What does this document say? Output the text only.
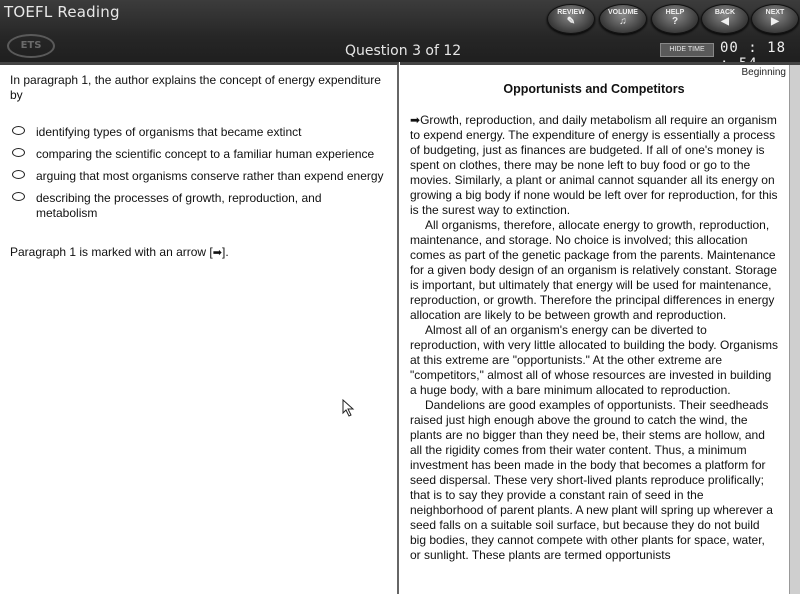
TOEFL Reading
ETS
REVIEW
✎
VOLUME
♫
HELP
?
BACK
◀
NEXT
▶
Question 3 of 12	HIDE TIME	00 : 18
In paragraph 1, the author explains the concept of energy expenditure by
identifying types of organisms that became extinct
comparing the scientific concept to a familiar human experience
arguing that most organisms conserve rather than expend energy
describing the processes of growth, reproduction, and metabolism
Paragraph 1 is marked with an arrow [➡].
Beginning
Opportunists and Competitors

➡Growth, reproduction, and daily metabolism all require an organism to expend energy. The expenditure of energy is essentially a process of budgeting, just as finances are budgeted. If all of one's money is spent on clothes, there may be none left to buy food or go to the movies. Similarly, a plant or animal cannot squander all its energy on growing a big body if none would be left over for reproduction, for this is the surest way to extinction.

All organisms, therefore, allocate energy to growth, reproduction, maintenance, and storage. No choice is involved; this allocation comes as part of the genetic package from the parents. Maintenance for a given body design of an organism is relatively constant. Storage is important, but ultimately that energy will be used for maintenance, reproduction, or growth. Therefore the principal differences in energy allocation are likely to be between growth and reproduction.

Almost all of an organism's energy can be diverted to reproduction, with very little allocated to building the body. Organisms at this extreme are "opportunists." At the other extreme are "competitors," almost all of whose resources are invested in building a huge body, with a bare minimum allocated to reproduction.

Dandelions are good examples of opportunists. Their seedheads raised just high enough above the ground to catch the wind, the plants are no bigger than they need be, their stems are hollow, and all the rigidity comes from their water content. Thus, a minimum investment has been made in the body that becomes a platform for seed dispersal. These very short-lived plants reproduce prolifically; that is to say they provide a constant rain of seed in the neighborhood of parent plants. A new plant will spring up wherever a seed falls on a suitable soil surface, but because they do not build big bodies, they cannot compete with other plants for space, water, or sunlight. These plants are termed opportunists
